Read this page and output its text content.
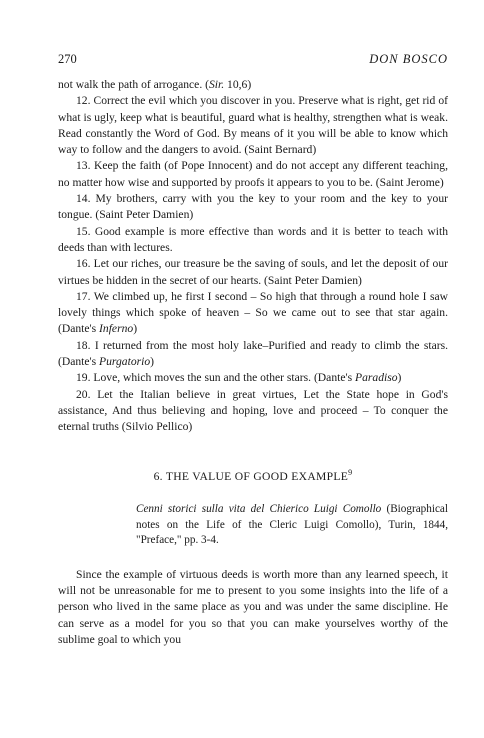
270	DON BOSCO

not walk the path of arrogance. (Sir. 10,6)

12. Correct the evil which you discover in you. Preserve what is right, get rid of what is ugly, keep what is beautiful, guard what is healthy, strengthen what is weak. Read constantly the Word of God. By means of it you will be able to know which way to follow and the dangers to avoid. (Saint Bernard)

13. Keep the faith (of Pope Innocent) and do not accept any different teaching, no matter how wise and supported by proofs it appears to you to be. (Saint Jerome)

14. My brothers, carry with you the key to your room and the key to your tongue. (Saint Peter Damien)

15. Good example is more effective than words and it is better to teach with deeds than with lectures.

16. Let our riches, our treasure be the saving of souls, and let the deposit of our virtues be hidden in the secret of our hearts. (Saint Peter Damien)

17. We climbed up, he first I second – So high that through a round hole I saw lovely things which spoke of heaven – So we came out to see that star again. (Dante's Inferno)

18. I returned from the most holy lake–Purified and ready to climb the stars. (Dante's Purgatorio)

19. Love, which moves the sun and the other stars. (Dante's Paradiso)

20. Let the Italian believe in great virtues, Let the State hope in God's assistance, And thus believing and hoping, love and proceed – To conquer the eternal truths (Silvio Pellico)

6. THE VALUE OF GOOD EXAMPLE$^9$
Cenni storici sulla vita del Chierico Luigi Comollo (Biographical notes on the Life of the Cleric Luigi Comollo), Turin, 1844, "Preface," pp. 3-4.

Since the example of virtuous deeds is worth more than any learned speech, it will not be unreasonable for me to present to you some insights into the life of a person who lived in the same place as you and was under the same discipline. He can serve as a model for you so that you can make yourselves worthy of the sublime goal to which you
